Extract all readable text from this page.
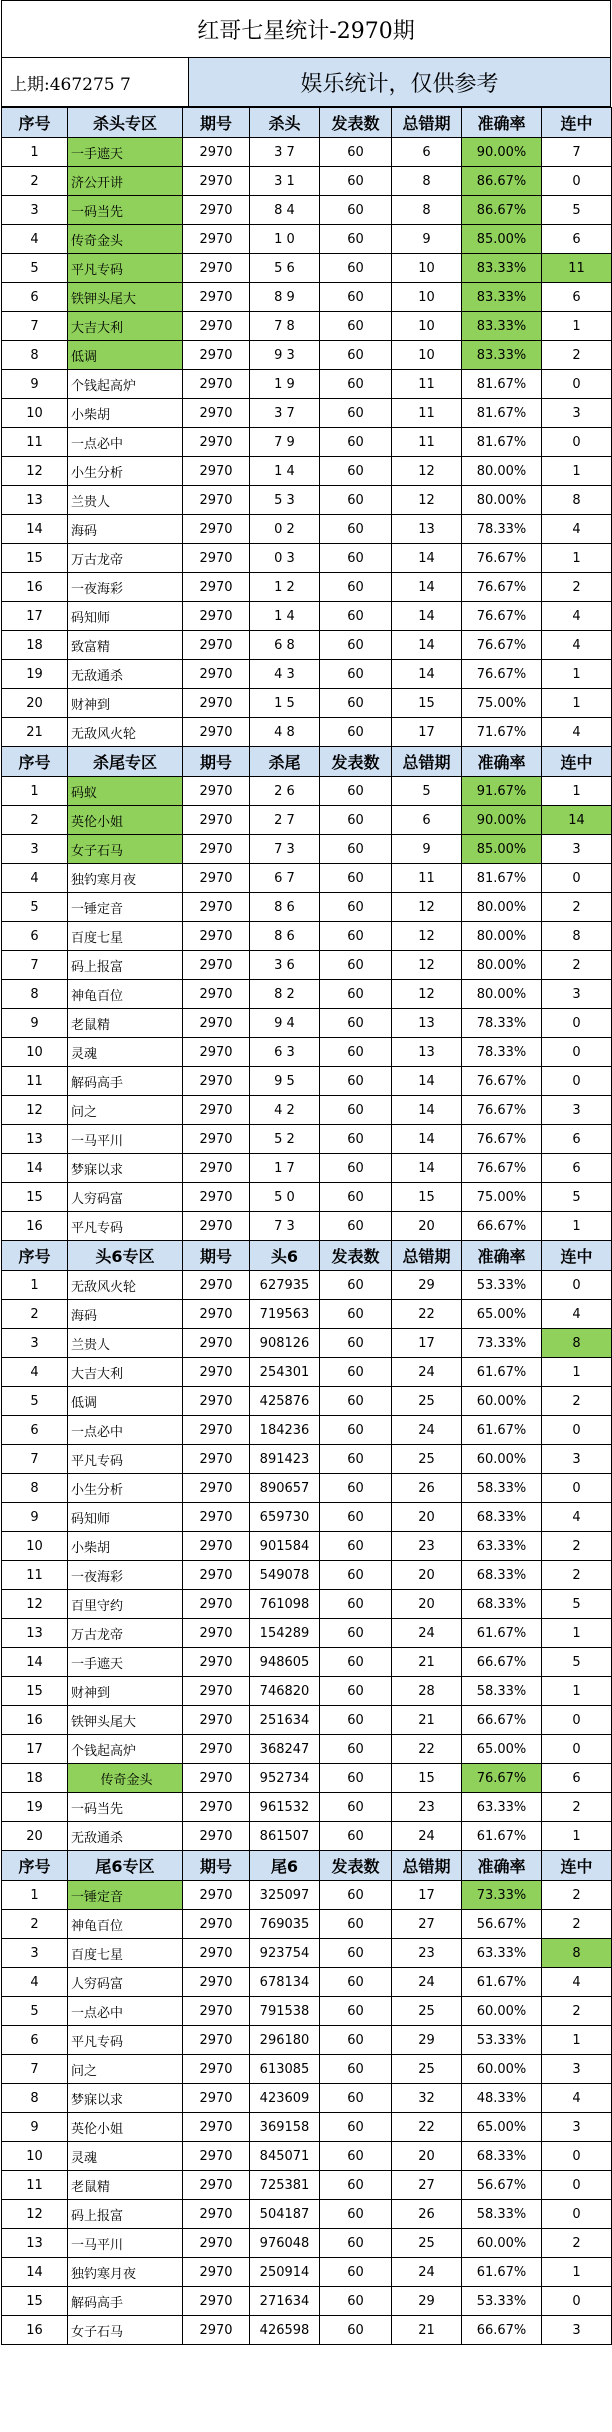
红哥七星统计-2970期
上期:467275 7	娱乐统计，仅供参考
序号	杀头专区	期号	杀头	发表数	总错期	准确率	连中
1	一手遮天	2970	3 7	60	6	90.00%	7
2	济公开讲	2970	3 1	60	8	86.67%	0
3	一码当先	2970	8 4	60	8	86.67%	5
4	传奇金头	2970	1 0	60	9	85.00%	6
5	平凡专码	2970	5 6	60	10	83.33%	11
6	铁钾头尾大	2970	8 9	60	10	83.33%	6
7	大吉大利	2970	7 8	60	10	83.33%	1
8	低调	2970	9 3	60	10	83.33%	2
9	个钱起高炉	2970	1 9	60	11	81.67%	0
10	小柴胡	2970	3 7	60	11	81.67%	3
11	一点必中	2970	7 9	60	11	81.67%	0
12	小生分析	2970	1 4	60	12	80.00%	1
13	兰贵人	2970	5 3	60	12	80.00%	8
14	海码	2970	0 2	60	13	78.33%	4
15	万古龙帝	2970	0 3	60	14	76.67%	1
16	一夜海彩	2970	1 2	60	14	76.67%	2
17	码知师	2970	1 4	60	14	76.67%	4
18	致富精	2970	6 8	60	14	76.67%	4
19	无敌通杀	2970	4 3	60	14	76.67%	1
20	财神到	2970	1 5	60	15	75.00%	1
21	无敌风火轮	2970	4 8	60	17	71.67%	4
序号	杀尾专区	期号	杀尾	发表数	总错期	准确率	连中
1	码蚁	2970	2 6	60	5	91.67%	1
2	英伦小姐	2970	2 7	60	6	90.00%	14
3	女子石马	2970	7 3	60	9	85.00%	3
4	独钓寒月夜	2970	6 7	60	11	81.67%	0
5	一锤定音	2970	8 6	60	12	80.00%	2
6	百度七星	2970	8 6	60	12	80.00%	8
7	码上报富	2970	3 6	60	12	80.00%	2
8	神龟百位	2970	8 2	60	12	80.00%	3
9	老鼠精	2970	9 4	60	13	78.33%	0
10	灵魂	2970	6 3	60	13	78.33%	0
11	解码高手	2970	9 5	60	14	76.67%	0
12	问之	2970	4 2	60	14	76.67%	3
13	一马平川	2970	5 2	60	14	76.67%	6
14	梦寐以求	2970	1 7	60	14	76.67%	6
15	人穷码富	2970	5 0	60	15	75.00%	5
16	平凡专码	2970	7 3	60	20	66.67%	1
序号	头6专区	期号	头6	发表数	总错期	准确率	连中
1	无敌风火轮	2970	627935	60	29	53.33%	0
2	海码	2970	719563	60	22	65.00%	4
3	兰贵人	2970	908126	60	17	73.33%	8
4	大吉大利	2970	254301	60	24	61.67%	1
5	低调	2970	425876	60	25	60.00%	2
6	一点必中	2970	184236	60	24	61.67%	0
7	平凡专码	2970	891423	60	25	60.00%	3
8	小生分析	2970	890657	60	26	58.33%	0
9	码知师	2970	659730	60	20	68.33%	4
10	小柴胡	2970	901584	60	23	63.33%	2
11	一夜海彩	2970	549078	60	20	68.33%	2
12	百里守约	2970	761098	60	20	68.33%	5
13	万古龙帝	2970	154289	60	24	61.67%	1
14	一手遮天	2970	948605	60	21	66.67%	5
15	财神到	2970	746820	60	28	58.33%	1
16	铁钾头尾大	2970	251634	60	21	66.67%	0
17	个钱起高炉	2970	368247	60	22	65.00%	0
18	传奇金头	2970	952734	60	15	76.67%	6
19	一码当先	2970	961532	60	23	63.33%	2
20	无敌通杀	2970	861507	60	24	61.67%	1
序号	尾6专区	期号	尾6	发表数	总错期	准确率	连中
1	一锤定音	2970	325097	60	17	73.33%	2
2	神龟百位	2970	769035	60	27	56.67%	2
3	百度七星	2970	923754	60	23	63.33%	8
4	人穷码富	2970	678134	60	24	61.67%	4
5	一点必中	2970	791538	60	25	60.00%	2
6	平凡专码	2970	296180	60	29	53.33%	1
7	问之	2970	613085	60	25	60.00%	3
8	梦寐以求	2970	423609	60	32	48.33%	4
9	英伦小姐	2970	369158	60	22	65.00%	3
10	灵魂	2970	845071	60	20	68.33%	0
11	老鼠精	2970	725381	60	27	56.67%	0
12	码上报富	2970	504187	60	26	58.33%	0
13	一马平川	2970	976048	60	25	60.00%	2
14	独钓寒月夜	2970	250914	60	24	61.67%	1
15	解码高手	2970	271634	60	29	53.33%	0
16	女子石马	2970	426598	60	21	66.67%	3
